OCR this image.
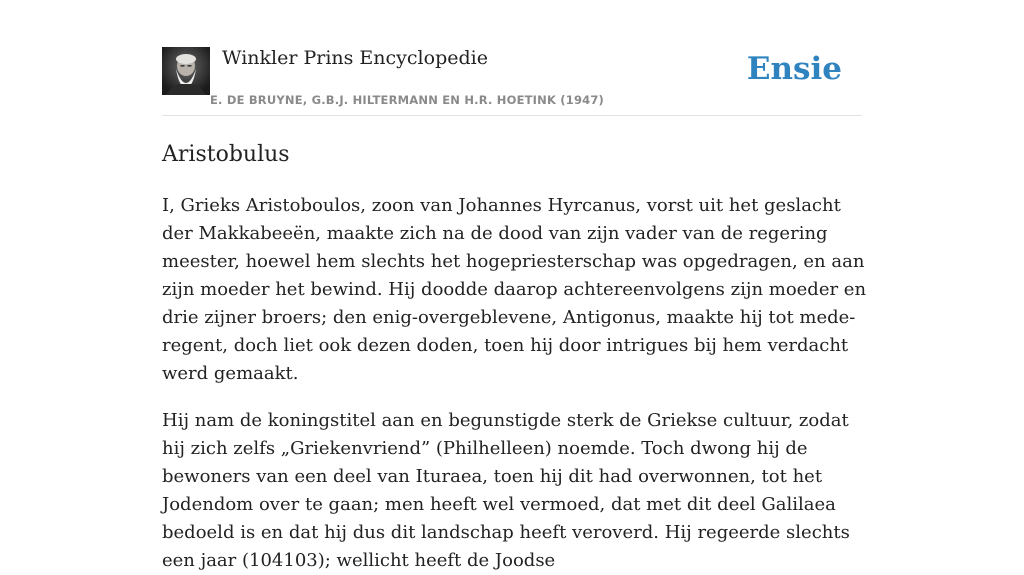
Winkler Prins Encyclopedie
E. DE BRUYNE, G.B.J. HILTERMANN EN H.R. HOETINK (1947)
Ensie
Aristobulus

I, Grieks Aristoboulos, zoon van Johannes Hyrcanus, vorst uit het geslacht der Makkabeeën, maakte zich na de dood van zijn vader van de regering meester, hoewel hem slechts het hogepriesterschap was opgedragen, en aan zijn moeder het bewind. Hij doodde daarop achtereenvolgens zijn moeder en drie zijner broers; den enig-overgeblevene, Antigonus, maakte hij tot mede-regent, doch liet ook dezen doden, toen hij door intrigues bij hem verdacht werd gemaakt.

Hij nam de koningstitel aan en begunstigde sterk de Griekse cultuur, zodat hij zich zelfs „Griekenvriend” (Philhelleen) noemde. Toch dwong hij de bewoners van een deel van Ituraea, toen hij dit had overwonnen, tot het Jodendom over te gaan; men heeft wel vermoed, dat met dit deel Galilaea bedoeld is en dat hij dus dit landschap heeft veroverd. Hij regeerde slechts een jaar (104103); wellicht heeft de Joodse
